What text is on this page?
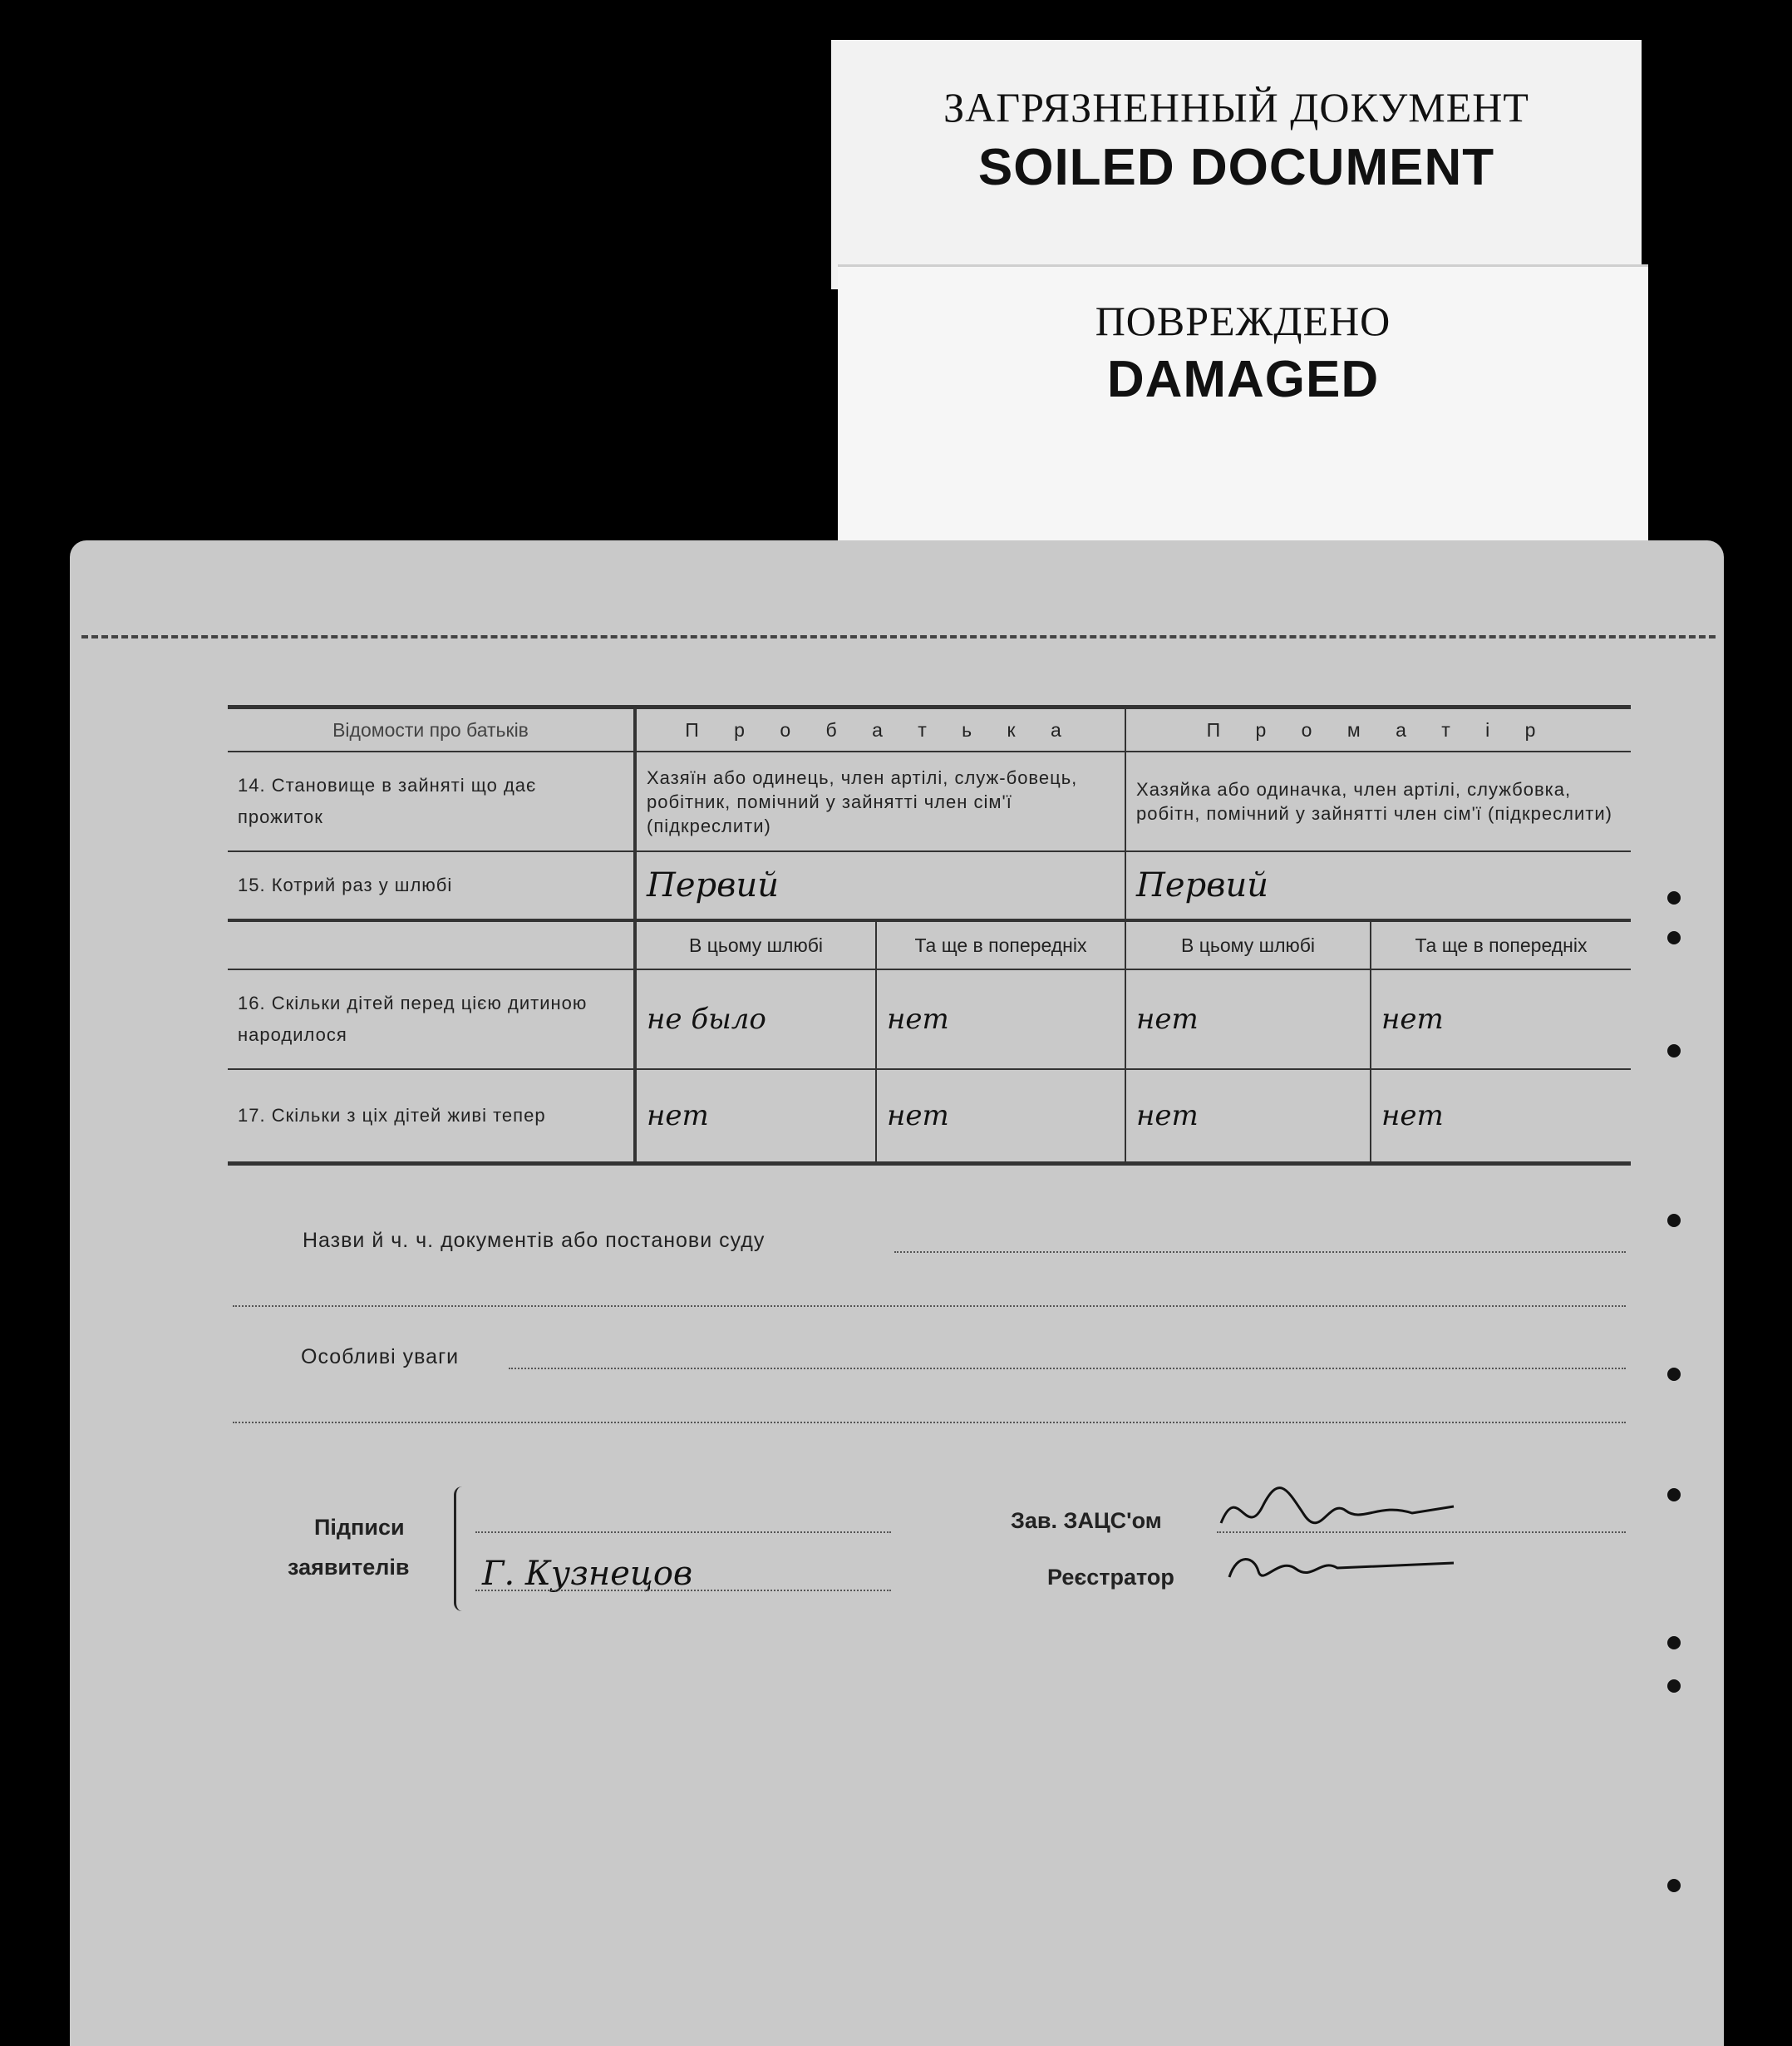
ЗАГРЯЗНЕННЫЙ ДОКУМЕНТ
SOILED DOCUMENT
ПОВРЕЖДЕНО
DAMAGED
Відомости про батьків	П р о б а т ь к а		П р о м а т і р	
14. Становище в зайняті що дає прожиток	Хазяїн або одинець, член артілі, служ-бовець, робітник, помічний у зайнятті член сім'ї (підкреслити)		Хазяйка або одиначка, член артілі, службовка, робітн, помічний у зайнятті член сім'ї (підкреслити)	
15. Котрий раз у шлюбі	Первий		Первий	
	В цьому шлюбі	Та ще в попередніх	В цьому шлюбі	Та ще в попередніх
16. Скільки дітей перед цією дитиною народилося	не было	нет	нет	нет
17. Скільки з ціх дітей живі тепер	нет	нет	нет	нет
Назви й ч. ч. документів або постанови суду
Особливі уваги
Підписи
заявителів Г. Кузнецов
Зав. ЗАЦС'ом
Реєстратор
